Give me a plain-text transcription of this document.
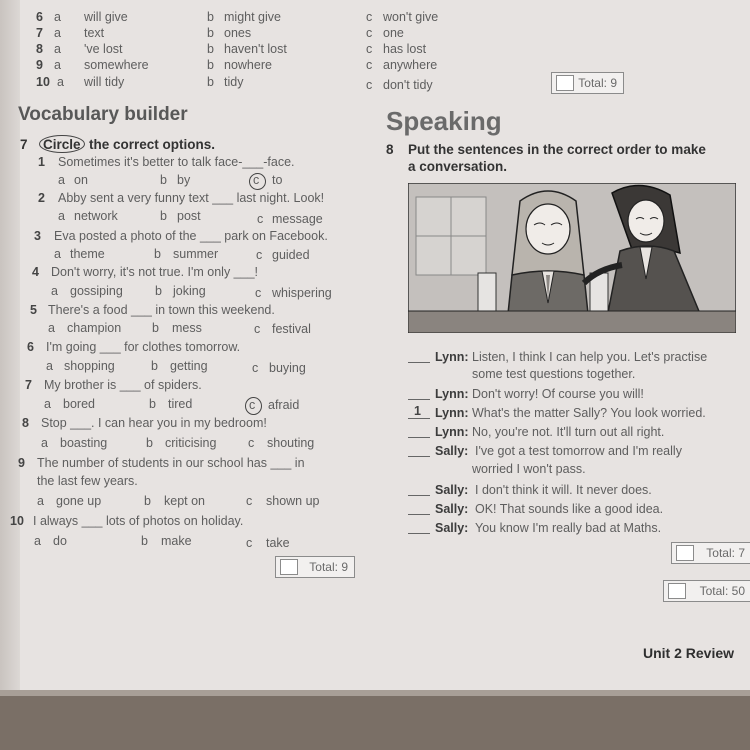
6 a will give	b might give	c won't give
7 a text	b ones	c one
8 a 've lost	b haven't lost	c has lost
9 a somewhere	b nowhere	c anywhere
10 a will tidy	b tidy	c don't tidy	Total: 9
Vocabulary builder
7 Circle the correct options.
1 Sometimes it's better to talk face-___-face.
a on	b by	c to
2 Abby sent a very funny text ___ last night. Look!
a network	b post	c message
3 Eva posted a photo of the ___ park on Facebook.
a theme	b summer	c guided
4 Don't worry, it's not true. I'm only ___!
a gossiping	b joking	c whispering
5 There's a food ___ in town this weekend.
a champion b mess	c festival
6 I'm going ___ for clothes tomorrow.
a shopping	b getting	c buying
7 My brother is ___ of spiders.
a bored	b tired	c afraid
8 Stop ___. I can hear you in my bedroom!
a boasting	b criticising	c shouting
9 The number of students in our school has ___ in
the last few years.
a gone up	b kept on	c shown up
10 I always ___ lots of photos on holiday.
a do	b make	c take
Total: 9
Speaking
8 Put the sentences in the correct order to make
a conversation.
Lynn: Listen, I think I can help you. Let's practise
some test questions together.
Lynn: Don't worry! Of course you will!
1 Lynn: What's the matter Sally? You look worried.
Lynn: No, you're not. It'll turn out all right.
Sally: I've got a test tomorrow and I'm really
worried I won't pass.
Sally: I don't think it will. It never does.
Sally: OK! That sounds like a good idea.
Sally: You know I'm really bad at Maths.
Total: 7
Total: 50
Unit 2 Review
